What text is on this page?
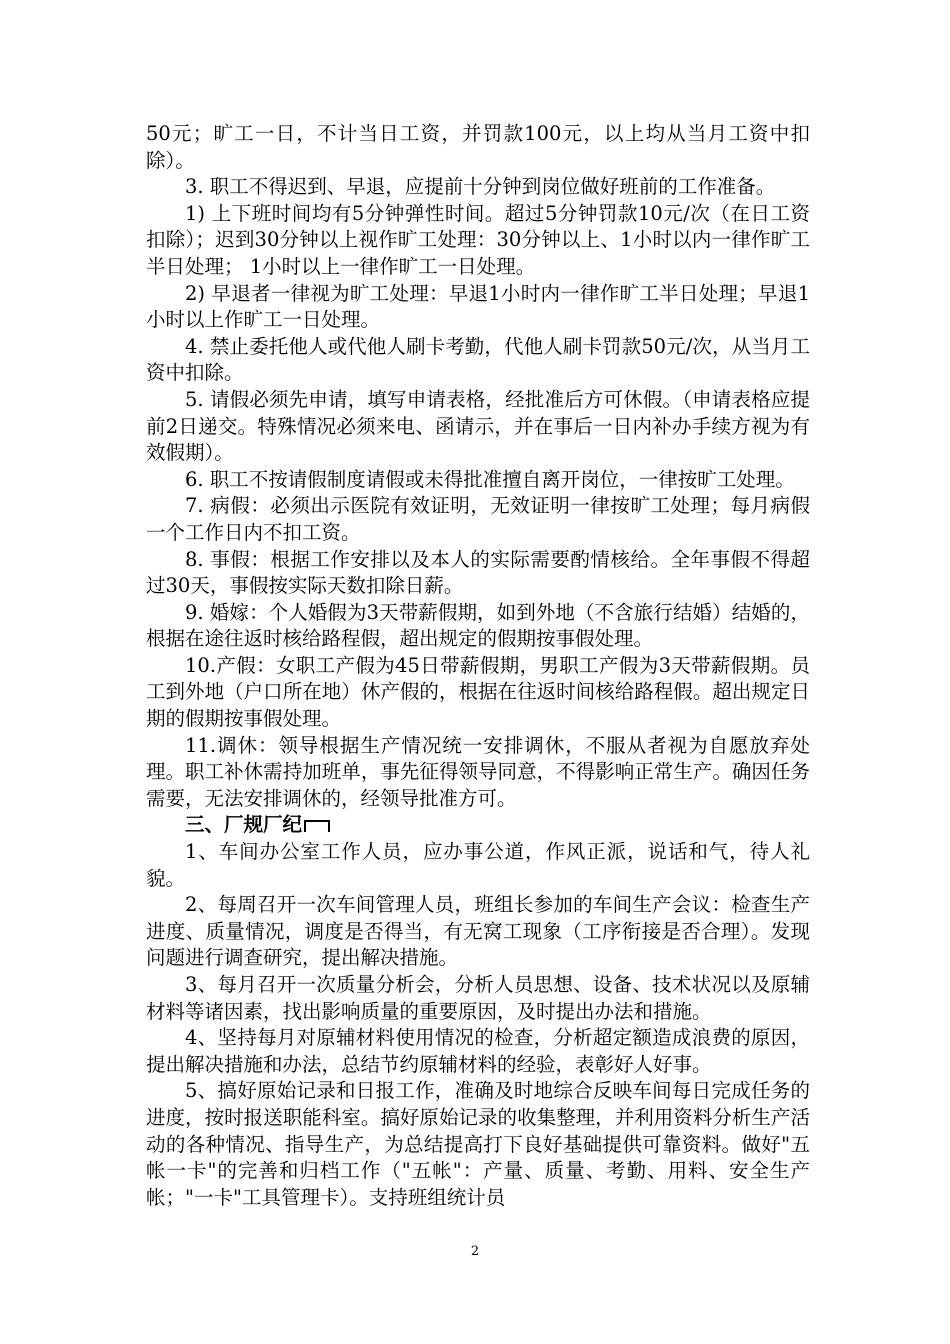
50元；旷工一日，不计当日工资，并罚款100元，以上均从当月工资中扣除）。

3. 职工不得迟到、早退，应提前十分钟到岗位做好班前的工作准备。

1) 上下班时间均有5分钟弹性时间。超过5分钟罚款10元/次（在日工资扣除）；迟到30分钟以上视作旷工处理：30分钟以上、1小时以内一律作旷工半日处理； 1小时以上一律作旷工一日处理。

2) 早退者一律视为旷工处理：早退1小时内一律作旷工半日处理；早退1小时以上作旷工一日处理。

4. 禁止委托他人或代他人刷卡考勤，代他人刷卡罚款50元/次，从当月工资中扣除。

5. 请假必须先申请，填写申请表格，经批准后方可休假。（申请表格应提前2日递交。特殊情况必须来电、函请示，并在事后一日内补办手续方视为有效假期）。

6. 职工不按请假制度请假或未得批准擅自离开岗位，一律按旷工处理。

7. 病假：必须出示医院有效证明，无效证明一律按旷工处理；每月病假一个工作日内不扣工资。

8. 事假：根据工作安排以及本人的实际需要酌情核给。全年事假不得超过30天，事假按实际天数扣除日薪。

9. 婚嫁：个人婚假为3天带薪假期，如到外地（不含旅行结婚）结婚的，根据在途往返时核给路程假，超出规定的假期按事假处理。

10.产假：女职工产假为45日带薪假期，男职工产假为3天带薪假期。员工到外地（户口所在地）休产假的，根据在往返时间核给路程假。超出规定日期的假期按事假处理。

11.调休：领导根据生产情况统一安排调休，不服从者视为自愿放弃处理。职工补休需持加班单，事先征得领导同意，不得影响正常生产。确因任务需要，无法安排调休的，经领导批准方可。

三、厂规厂纪

1、车间办公室工作人员，应办事公道，作风正派，说话和气，待人礼貌。

2、每周召开一次车间管理人员，班组长参加的车间生产会议：检查生产进度、质量情况，调度是否得当，有无窝工现象（工序衔接是否合理）。发现问题进行调查研究，提出解决措施。

3、每月召开一次质量分析会，分析人员思想、设备、技术状况以及原辅材料等诸因素，找出影响质量的重要原因，及时提出办法和措施。

4、坚持每月对原辅材料使用情况的检查，分析超定额造成浪费的原因，提出解决措施和办法，总结节约原辅材料的经验，表彰好人好事。

5、搞好原始记录和日报工作，准确及时地综合反映车间每日完成任务的进度，按时报送职能科室。搞好原始记录的收集整理，并利用资料分析生产活动的各种情况、指导生产，为总结提高打下良好基础提供可靠资料。做好"五帐一卡"的完善和归档工作（"五帐"：产量、质量、考勤、用料、安全生产帐；"一卡"工具管理卡）。支持班组统计员

2
